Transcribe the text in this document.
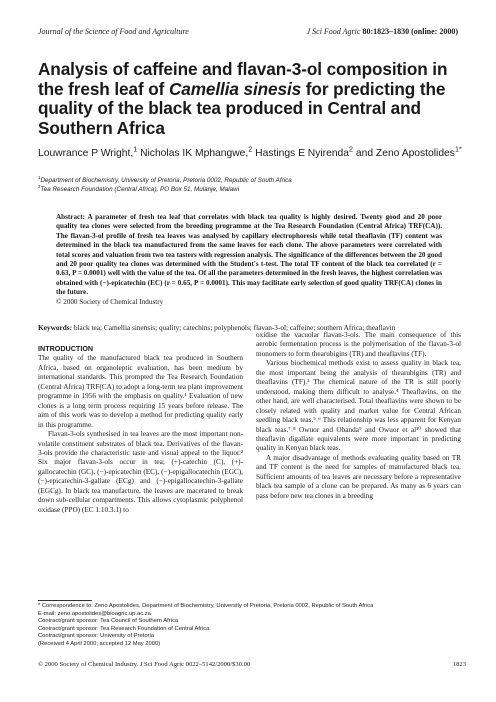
Journal of the Science of Food and Agriculture	J Sci Food Agric 80:1823–1830 (online: 2000)
Analysis of caffeine and flavan-3-ol composition in the fresh leaf of Camellia sinesis for predicting the quality of the black tea produced in Central and Southern Africa
Louwrance P Wright,$^1$ Nicholas IK Mphangwe,$^2$ Hastings E Nyirenda$^2$ and Zeno Apostolides$^{1*}$
$^1$Department of Biochemistry, University of Pretoria, Pretoria 0002, Republic of South Africa
$^2$Tea Research Foundation (Central Africa), PO Box 51, Mulanje, Malawi
Abstract: A parameter of fresh tea leaf that correlates with black tea quality is highly desired. Twenty good and 20 poor quality tea clones were selected from the breeding programme at the Tea Research Foundation (Central Africa) TRF(CA)). The flavan-3-ol profile of fresh tea leaves was analysed by capillary electrophoresis while total theaflavin (TF) content was determined in the black tea manufactured from the same leaves for each clone. The above parameters were correlated with total scores and valuation from two tea tasters with regression analysis. The significance of the differences between the 20 good and 20 poor quality tea clones was determined with the Student's t-test. The total TF content of the black tea correlated (r = 0.63, P = 0.0001) well with the value of the tea. Of all the parameters determined in the fresh leaves, the highest correlation was obtained with (−)-epicatechin (EC) (r = 0.65, P = 0.0001). This may facilitate early selection of good quality TRF(CA) clones in the future.
© 2000 Society of Chemical Industry
Keywords: black tea; Camellia sinensis; quality; catechins; polyphenols; flavan-3-ol; caffeine; southern Africa; theaflavin
INTRODUCTION

The quality of the manufactured black tea produced in Southern Africa, based on organoleptic evaluation, has been medium by international standards. This prompted the Tea Research Foundation (Central Africa) TRF(CA) to adopt a long-term tea plant improvement programme in 1956 with the emphasis on quality.¹ Evaluation of new clones is a long term process requiring 15 years before release. The aim of this work was to develop a method for predicting quality early in this programme.

Flavan-3-ols synthesised in tea leaves are the most important non-volatile constituent substrates of black tea. Derivatives of the flavan-3-ols provide the characteristic taste and visual appeal to the liquor.² Six major flavan-3-ols occur in tea; (+)-catechin (C), (+)-gallocatechin (GC), (−)-epicatechin (EC), (−)-epigallocatechin (EGC), (−)-epicatechin-3-gallate (ECg) and (−)-epigallocatechin-3-gallate (EGCg). In black tea manufacture, the leaves are macerated to break down sub-cellular compartments. This allows cytoplasmic polyphenol oxidase (PPO) (EC 1.10.3.1) to

oxidise the vacuolar flavan-3-ols. The main consequence of this aerobic fermentation process is the polymerisation of the flavan-3-ol monomers to form thearubigins (TR) and theaflavins (TF).

Various biochemical methods exist to assess quality in black tea, the most important being the analysis of thearubigins (TR) and theaflavins (TF).³ The chemical nature of the TR is still poorly understood, making them difficult to analyse.⁴ Theaflavins, on the other hand, are well characterised. Total theaflavins were shown to be closely related with quality and market value for Central African seedling black teas.⁵˒⁶ This relationship was less apparent for Kenyan black teas.⁷˒⁸ Owuor and Obanda⁹ and Owuor et al¹⁰ showed that theaflavin digallate equivalents were more important in predicting quality in Kenyan black teas.

A major disadvantage of methods evaluating quality based on TR and TF content is the need for samples of manufactured black tea. Sufficient amounts of tea leaves are necessary before a representative black tea sample of a clone can be prepared. As many as 6 years can pass before new tea clones in a breeding

* Correspondence to: Zeno Apostolides, Department of Biochemistry, University of Pretoria, Pretoria 0002, Republic of South Africa
E-mail: zeno.apostolides@bioagric.up.ac.za
Contract/grant sponsor: Tea Council of Southern Africa
Contract/grant sponsor: Tea Research Foundation of Central Africa
Contract/grant sponsor: University of Pretoria
(Received 4 April 2000; accepted 12 May 2000)
© 2000 Society of Chemical Industry. J Sci Food Agric 0022–5142/2000/$30.00	1823
